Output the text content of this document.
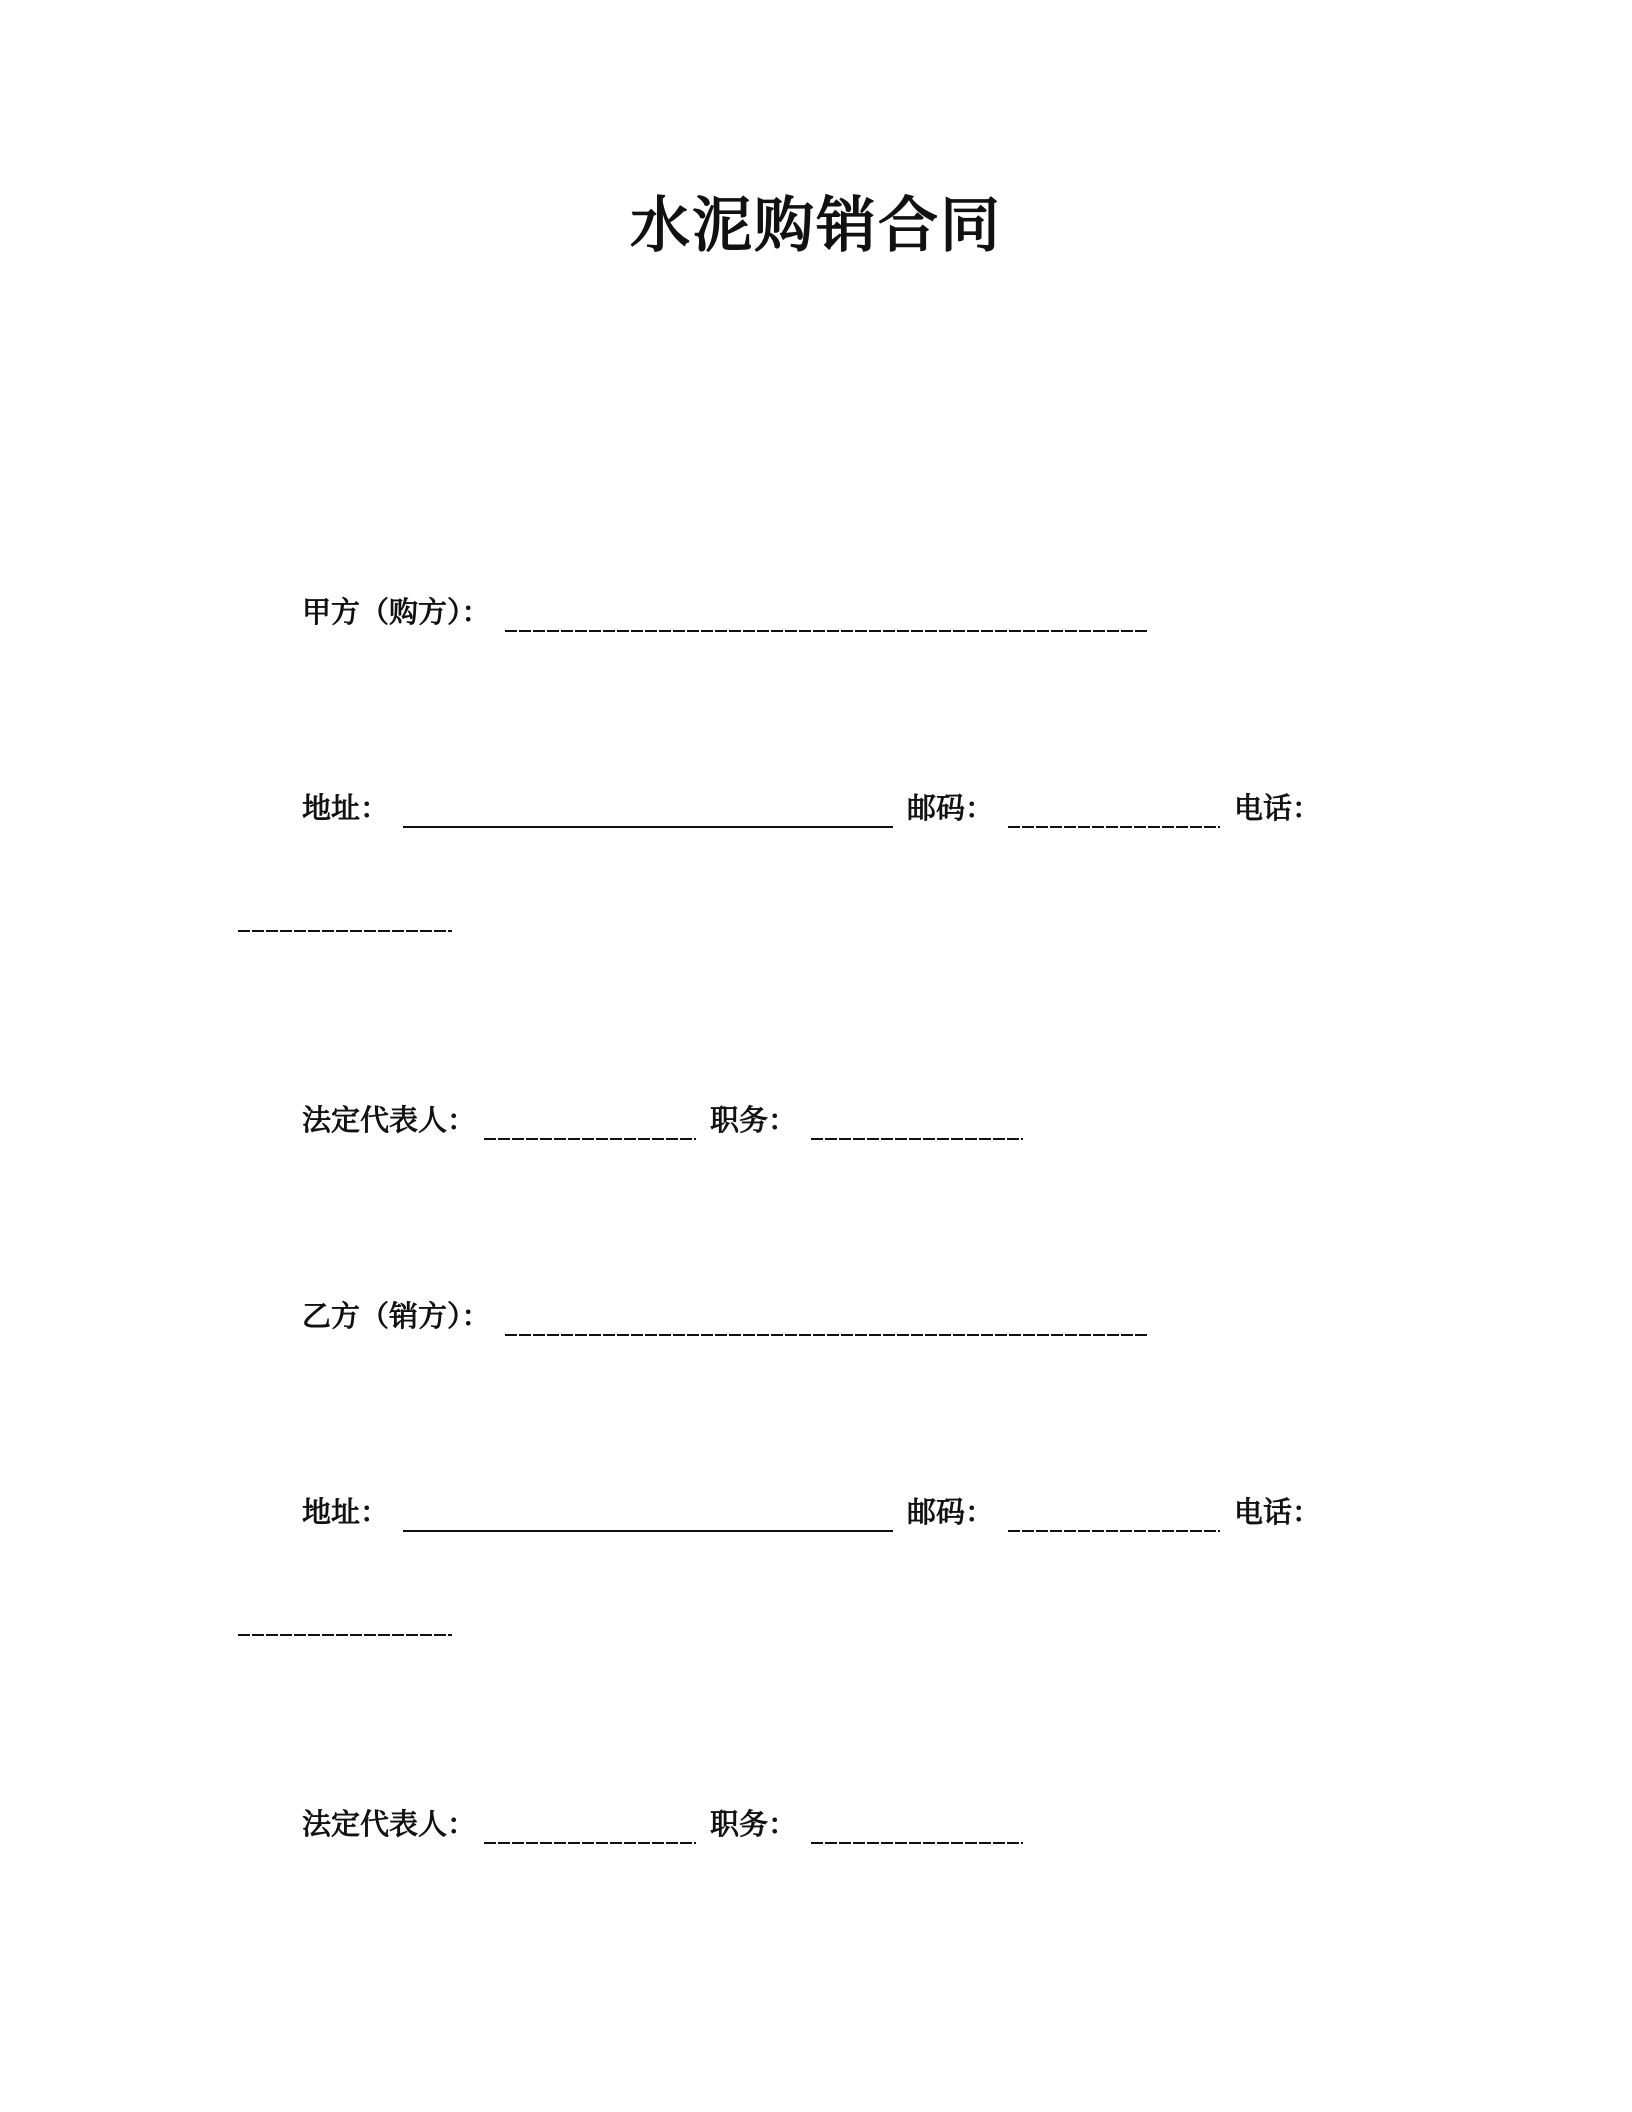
水泥购销合同
甲方（购方）：
地址：	邮码：	电话：
法定代表人：	职务：
乙方（销方）：
地址：	邮码：	电话：
法定代表人：	职务：
